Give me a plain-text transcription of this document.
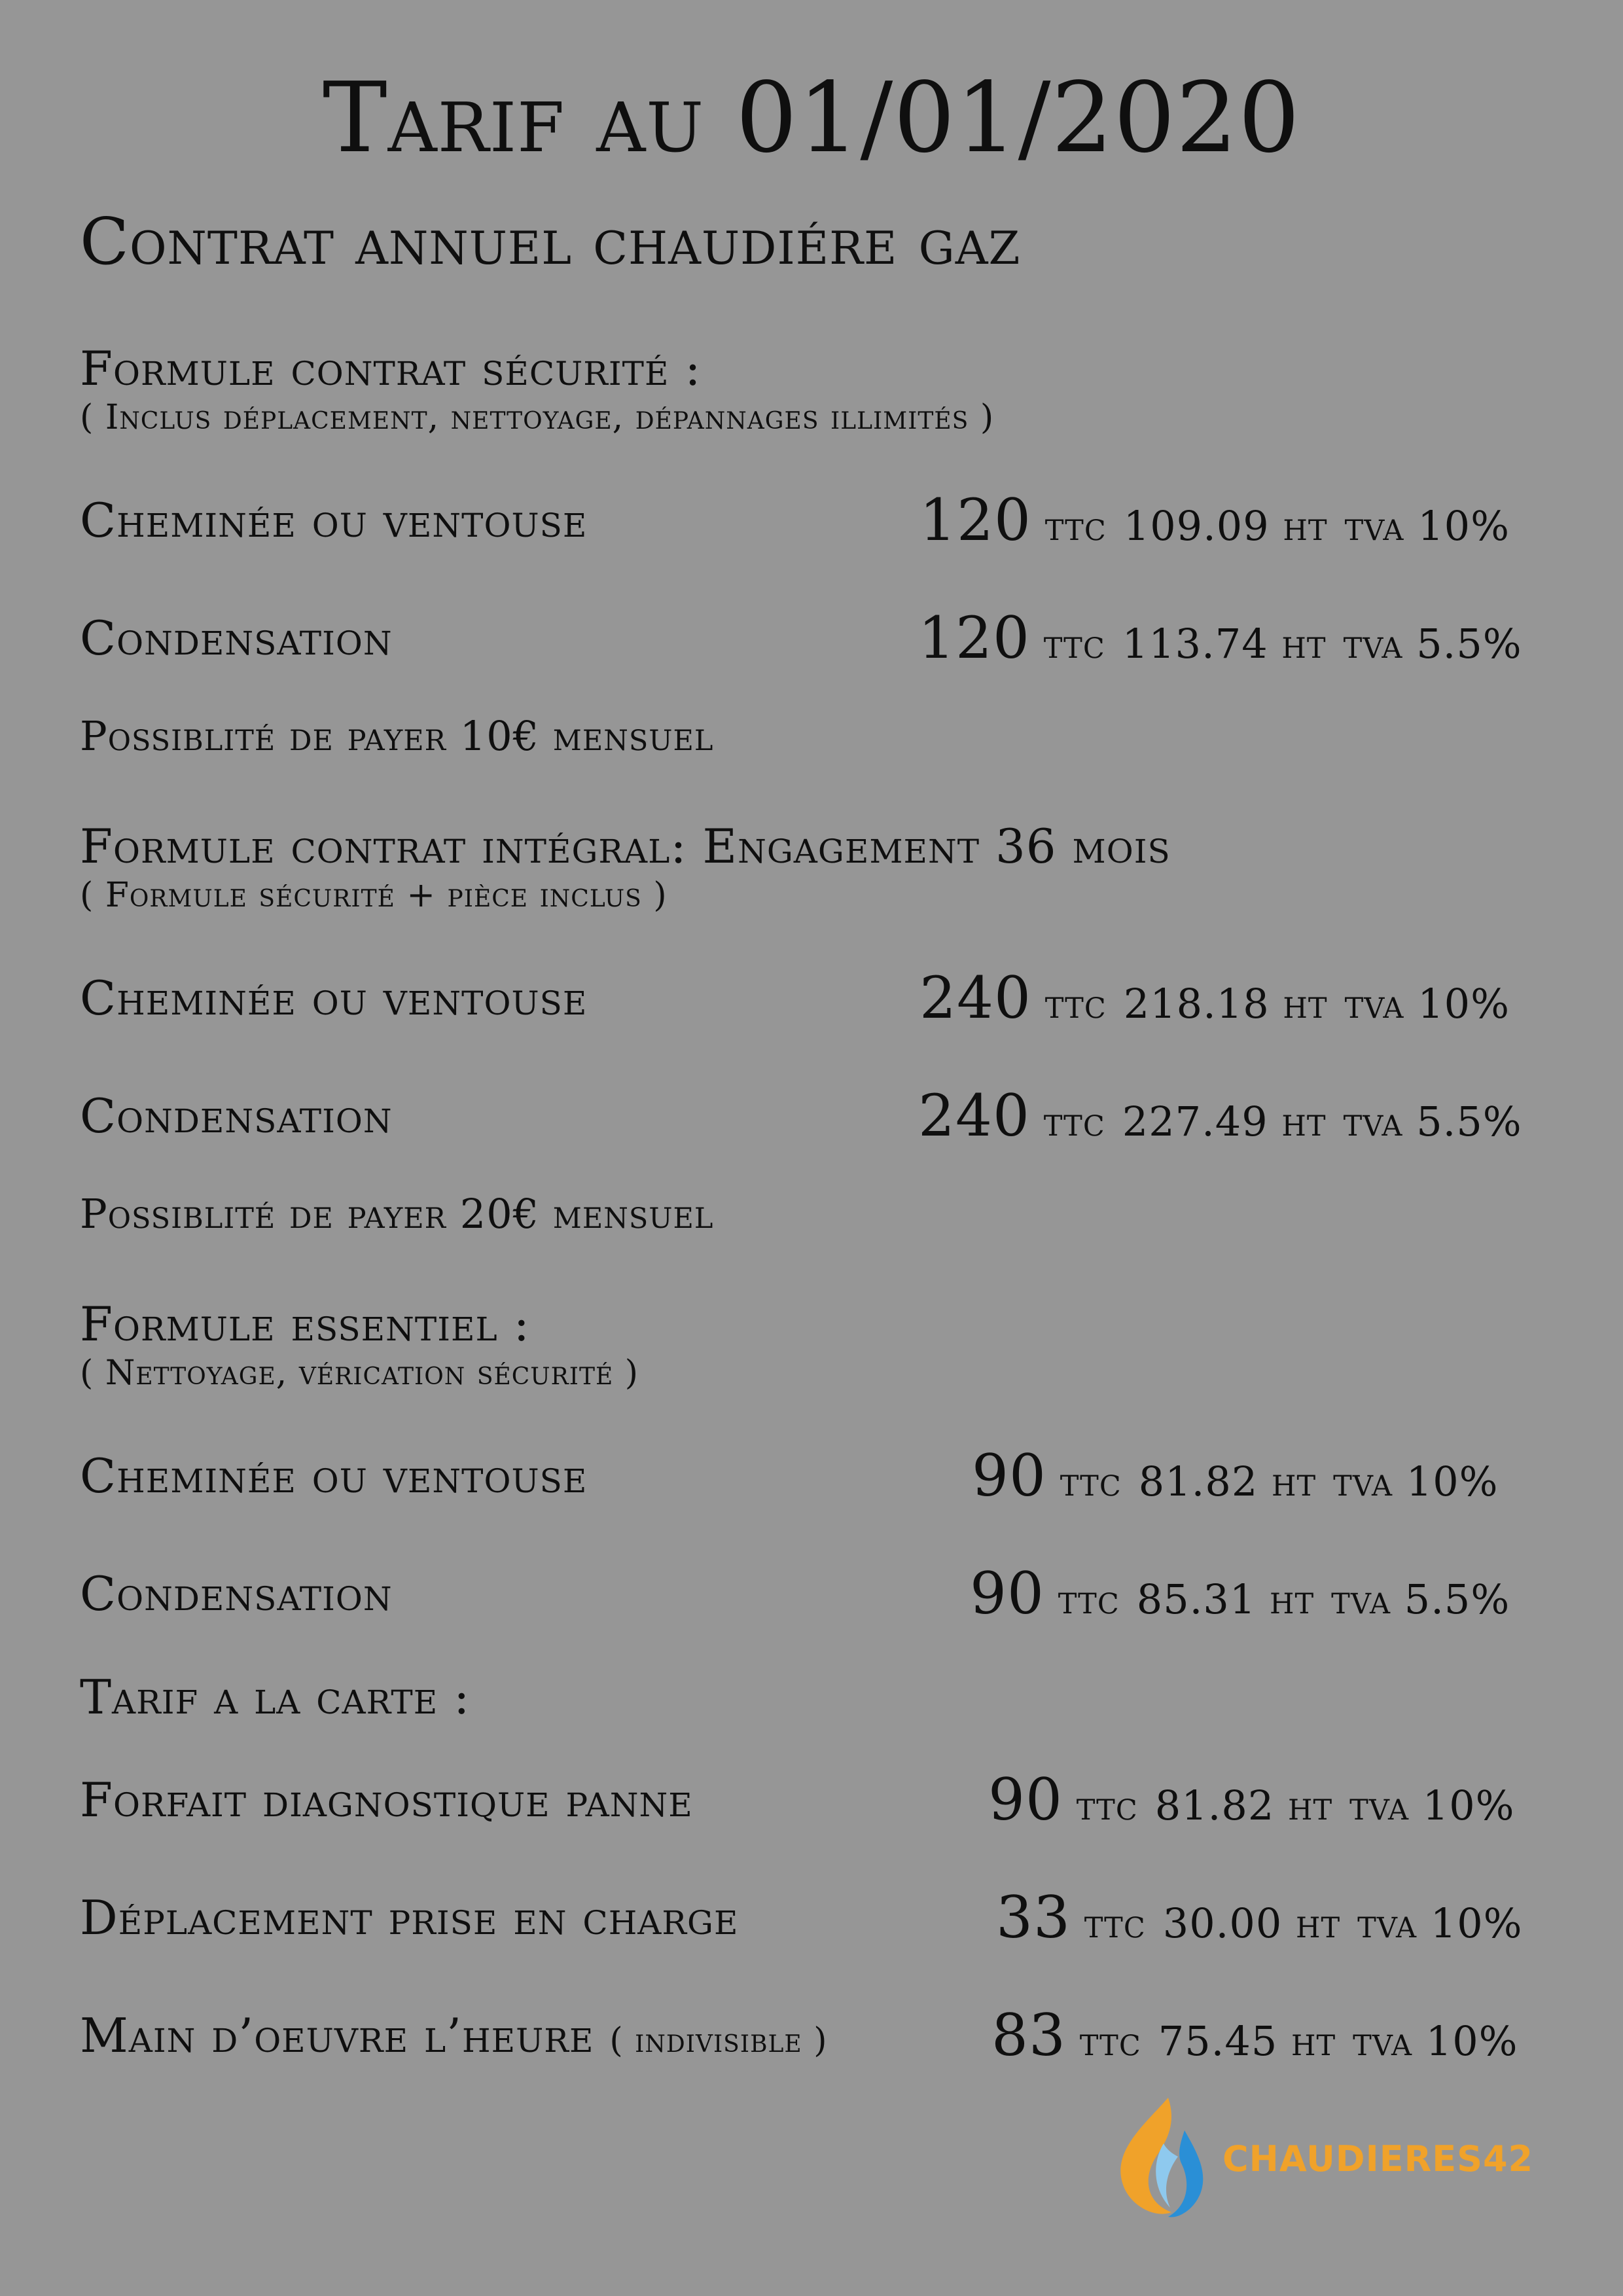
Tarif au 01/01/2020
Contrat annuel chaudiére gaz
Formule contrat sécurité :
( Inclus déplacement, nettoyage, dépannages illimités )
Cheminée ou ventouse	120 ttc 109.09 ht tva 10%
Condensation	120 ttc 113.74 ht tva 5.5%
Possiblité de payer 10€ mensuel
Formule contrat intégral: Engagement 36 mois
( Formule sécurité + pièce inclus )
Cheminée ou ventouse	240 ttc 218.18 ht tva 10%
Condensation	240 ttc 227.49 ht tva 5.5%
Possiblité de payer 20€ mensuel
Formule essentiel :
( Nettoyage, vérication sécurité )
Cheminée ou ventouse	90 ttc 81.82 ht tva 10%
Condensation	90 ttc 85.31 ht tva 5.5%
Tarif a la carte :
Forfait diagnostique panne	90 ttc 81.82 ht tva 10%
Déplacement prise en charge	33 ttc 30.00 ht tva 10%
Main d’oeuvre l’heure ( indivisible )	83 ttc 75.45 ht tva 10%
CHAUDIERES42
